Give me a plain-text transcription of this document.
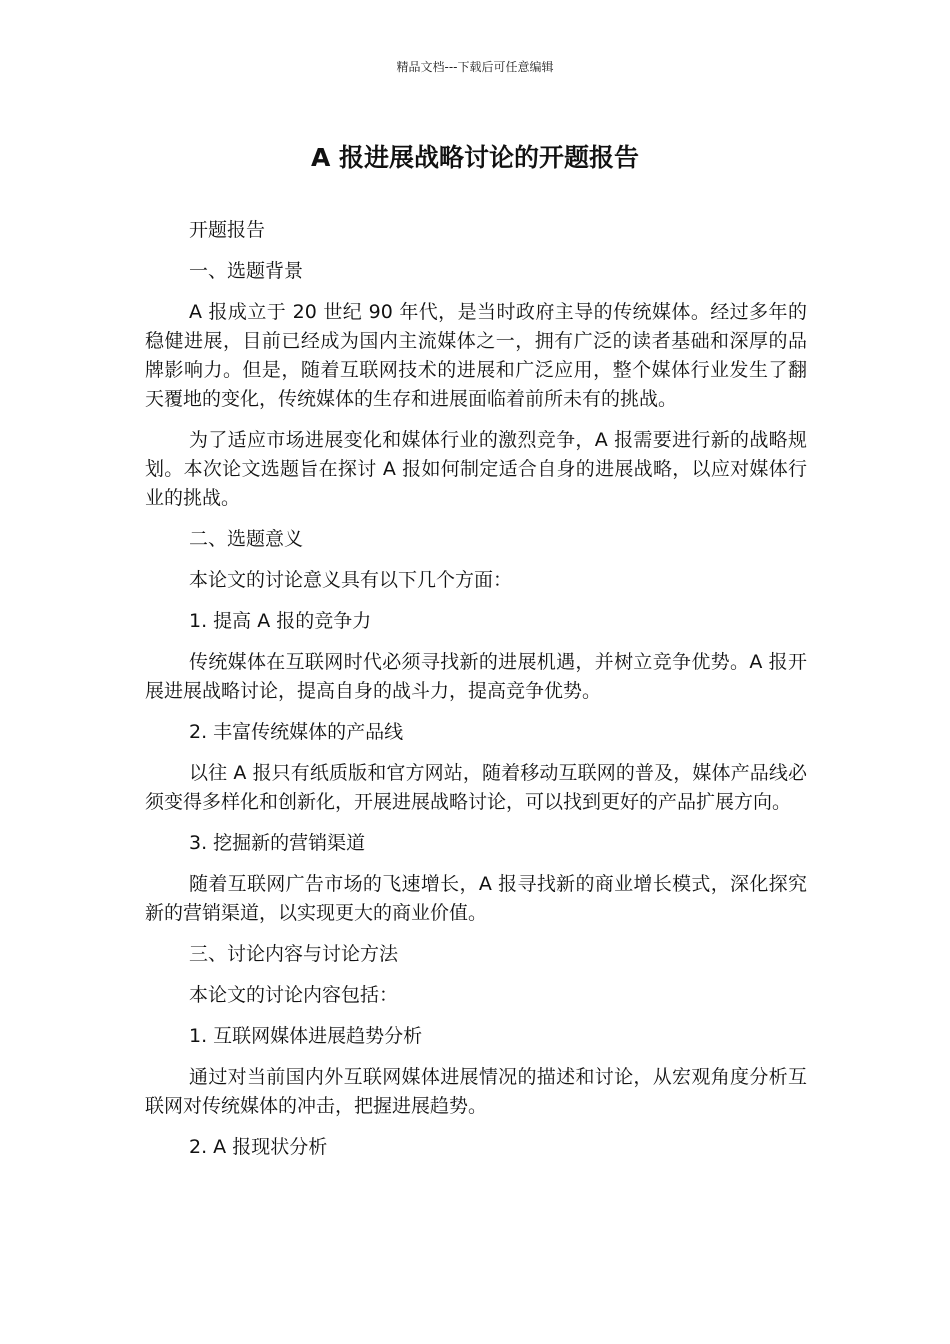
精品文档---下载后可任意编辑
A 报进展战略讨论的开题报告

开题报告

一、选题背景

A 报成立于 20 世纪 90 年代，是当时政府主导的传统媒体。经过多年的稳健进展，目前已经成为国内主流媒体之一，拥有广泛的读者基础和深厚的品牌影响力。但是，随着互联网技术的进展和广泛应用，整个媒体行业发生了翻天覆地的变化，传统媒体的生存和进展面临着前所未有的挑战。

为了适应市场进展变化和媒体行业的激烈竞争，A 报需要进行新的战略规划。本次论文选题旨在探讨 A 报如何制定适合自身的进展战略，以应对媒体行业的挑战。

二、选题意义

本论文的讨论意义具有以下几个方面：

1. 提高 A 报的竞争力

传统媒体在互联网时代必须寻找新的进展机遇，并树立竞争优势。A 报开展进展战略讨论，提高自身的战斗力，提高竞争优势。

2. 丰富传统媒体的产品线

以往 A 报只有纸质版和官方网站，随着移动互联网的普及，媒体产品线必须变得多样化和创新化，开展进展战略讨论，可以找到更好的产品扩展方向。

3. 挖掘新的营销渠道

随着互联网广告市场的飞速增长，A 报寻找新的商业增长模式，深化探究新的营销渠道，以实现更大的商业价值。

三、讨论内容与讨论方法

本论文的讨论内容包括：

1. 互联网媒体进展趋势分析

通过对当前国内外互联网媒体进展情况的描述和讨论，从宏观角度分析互联网对传统媒体的冲击，把握进展趋势。

2. A 报现状分析
